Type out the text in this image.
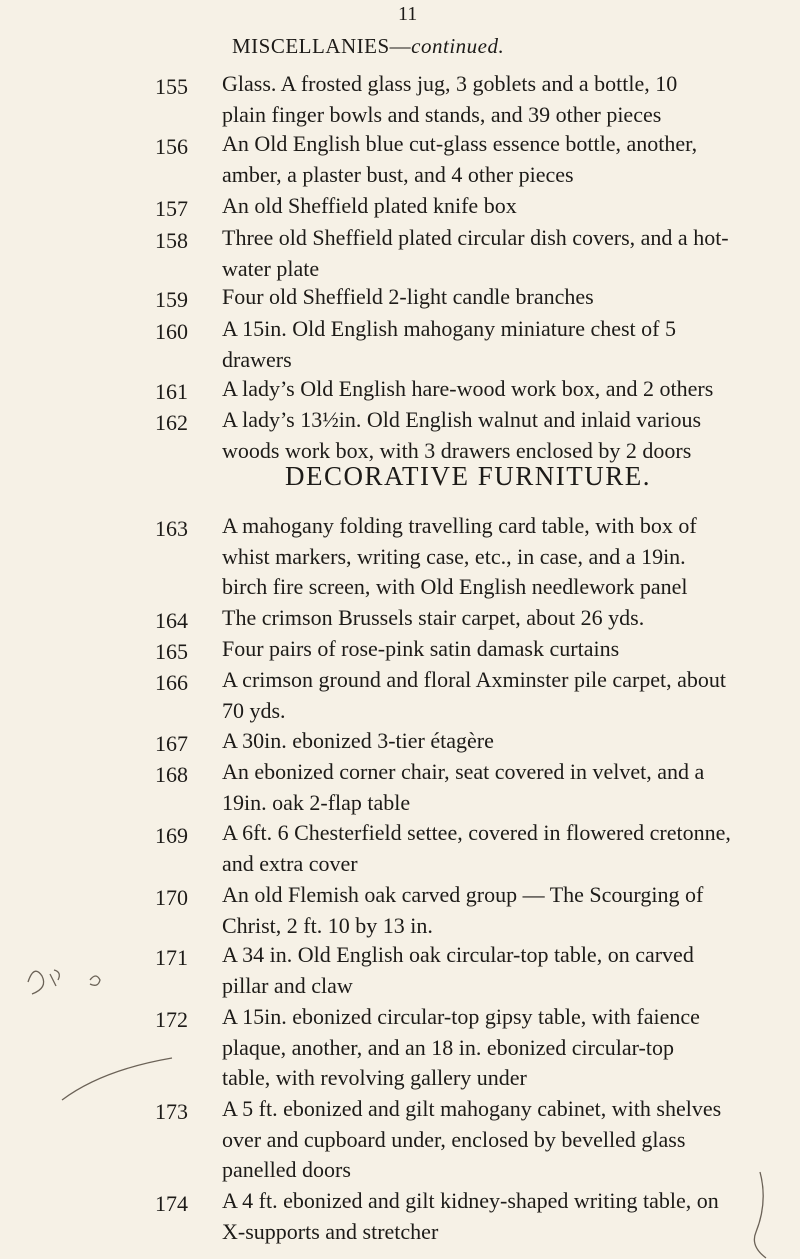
11
MISCELLANIES—continued.
DECORATIVE FURNITURE.
155 Glass. A frosted glass jug, 3 goblets and a bottle, 10
plain finger bowls and stands, and 39 other pieces
156 An Old English blue cut-glass essence bottle, another,
amber, a plaster bust, and 4 other pieces
157 An old Sheffield plated knife box
158 Three old Sheffield plated circular dish covers, and a hot-
water plate
159 Four old Sheffield 2-light candle branches
160 A 15in. Old English mahogany miniature chest of 5
drawers
161 A lady’s Old English hare-wood work box, and 2 others
162 A lady’s 13½in. Old English walnut and inlaid various
woods work box, with 3 drawers enclosed by 2 doors
163 A mahogany folding travelling card table, with box of
whist markers, writing case, etc., in case, and a 19in.
birch fire screen, with Old English needlework panel
164 The crimson Brussels stair carpet, about 26 yds.
165 Four pairs of rose-pink satin damask curtains
166 A crimson ground and floral Axminster pile carpet, about
70 yds.
167 A 30in. ebonized 3-tier étagère
168 An ebonized corner chair, seat covered in velvet, and a
19in. oak 2-flap table
169 A 6ft. 6 Chesterfield settee, covered in flowered cretonne,
and extra cover
170 An old Flemish oak carved group — The Scourging of
Christ, 2 ft. 10 by 13 in.
171 A 34 in. Old English oak circular-top table, on carved
pillar and claw
172 A 15in. ebonized circular-top gipsy table, with faience
plaque, another, and an 18 in. ebonized circular-top
table, with revolving gallery under
173 A 5 ft. ebonized and gilt mahogany cabinet, with shelves
over and cupboard under, enclosed by bevelled glass
panelled doors
174 A 4 ft. ebonized and gilt kidney-shaped writing table, on
X-supports and stretcher
